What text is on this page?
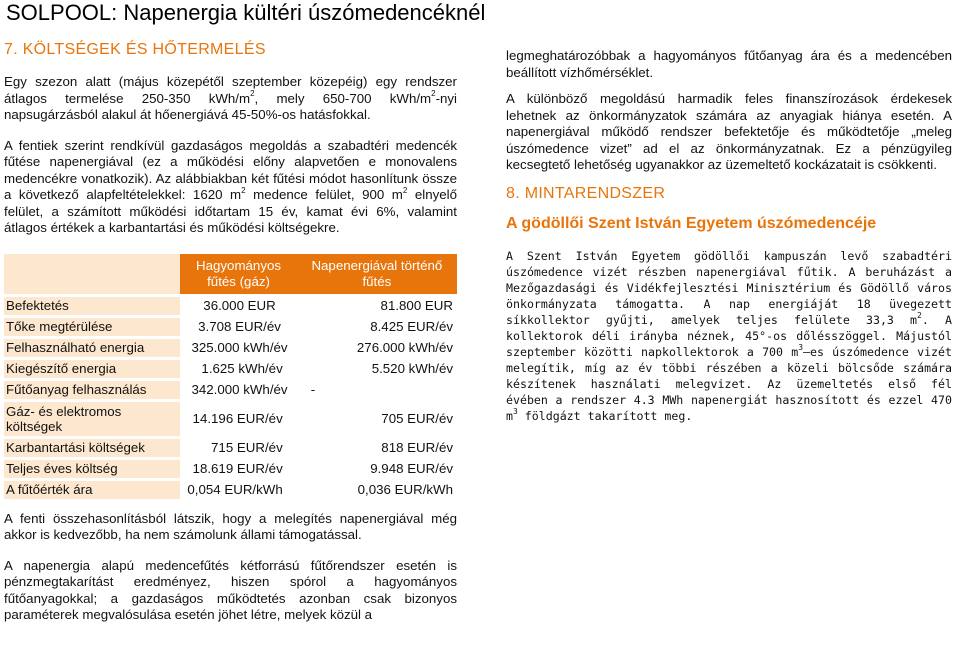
SOLPOOL: Napenergia kültéri úszómedencéknél
7. KÖLTSÉGEK ÉS HŐTERMELÉS

Egy szezon alatt (május közepétől szeptember közepéig) egy rendszer átlagos termelése 250-350 kWh/$m^2$, mely 650-700 kWh/$m^2$-nyi napsugárzásból alakul át hőenergiává 45-50%-os hatásfokkal.

A fentiek szerint rendkívül gazdaságos megoldás a szabadtéri medencék fűtése napenergiával (ez a működési előny alapvetően e monovalens medencékre vonatkozik). Az alábbiakban két fűtési módot hasonlítunk össze a következő alapfeltételekkel: 1620 $m^2$ medence felület, 900 $m^2$ elnyelő felület, a számított működési időtartam 15 év, kamat évi 6%, valamint átlagos értékek a karbantartási és működési költségekre.

	Hagyományos fűtés (gáz)	Napenergiával történő fűtés
Befektetés	36.000 EUR	81.800 EUR
Tőke megtérülése	3.708 EUR/év	8.425 EUR/év
Felhasználható energia	325.000 kWh/év	276.000 kWh/év
Kiegészítő energia	1.625 kWh/év	5.520 kWh/év
Fűtőanyag felhasználás	342.000 kWh/év	-
Gáz- és elektromos költségek	14.196 EUR/év	705 EUR/év
Karbantartási költségek	715 EUR/év	818 EUR/év
Teljes éves költség	18.619 EUR/év	9.948 EUR/év
A fűtőérték ára	0,054 EUR/kWh	0,036 EUR/kWh

A fenti összehasonlításból látszik, hogy a melegítés napenergiával még akkor is kedvezőbb, ha nem számolunk állami támogatással.

A napenergia alapú medencefűtés kétforrású fűtőrendszer esetén is pénzmegtakarítást eredményez, hiszen spórol a hagyományos fűtőanyagokkal; a gazdaságos működtetés azonban csak bizonyos paraméterek megvalósulása esetén jöhet létre, melyek közül a

legmeghatározóbbak a hagyományos fűtőanyag ára és a medencében beállított vízhőmérséklet.

A különböző megoldású harmadik feles finanszírozások érdekesek lehetnek az önkormányzatok számára az anyagiak hiánya esetén. A napenergiával működő rendszer befektetője és működtetője „meleg úszómedence vizet” ad el az önkormányzatnak. Ez a pénzügyileg kecsegtető lehetőség ugyanakkor az üzemeltető kockázatait is csökkenti.

8. MINTARENDSZER
A gödöllői Szent István Egyetem úszómedencéje
A Szent István Egyetem gödöllői kampuszán levő szabadtéri úszómedence vizét részben napenergiával fűtik. A beruházást a Mezőgazdasági és Vidékfejlesztési Minisztérium és Gödöllő város önkormányzata támogatta. A nap energiáját 18 üvegezett síkkollektor gyűjti, amelyek teljes felülete 33,3 $m^2$. A kollektorok déli irányba néznek, 45°-os dőlésszöggel. Májustól szeptember közötti napkollektorok a 700 $m^3-es$ úszómedence vizét melegítik, míg az év többi részében a közeli bölcsőde számára készítenek használati melegvizet. Az üzemeltetés első fél évében a rendszer 4.3 MWh napenergiát hasznosított és ezzel 470 $m^3$ földgázt takarított meg.
